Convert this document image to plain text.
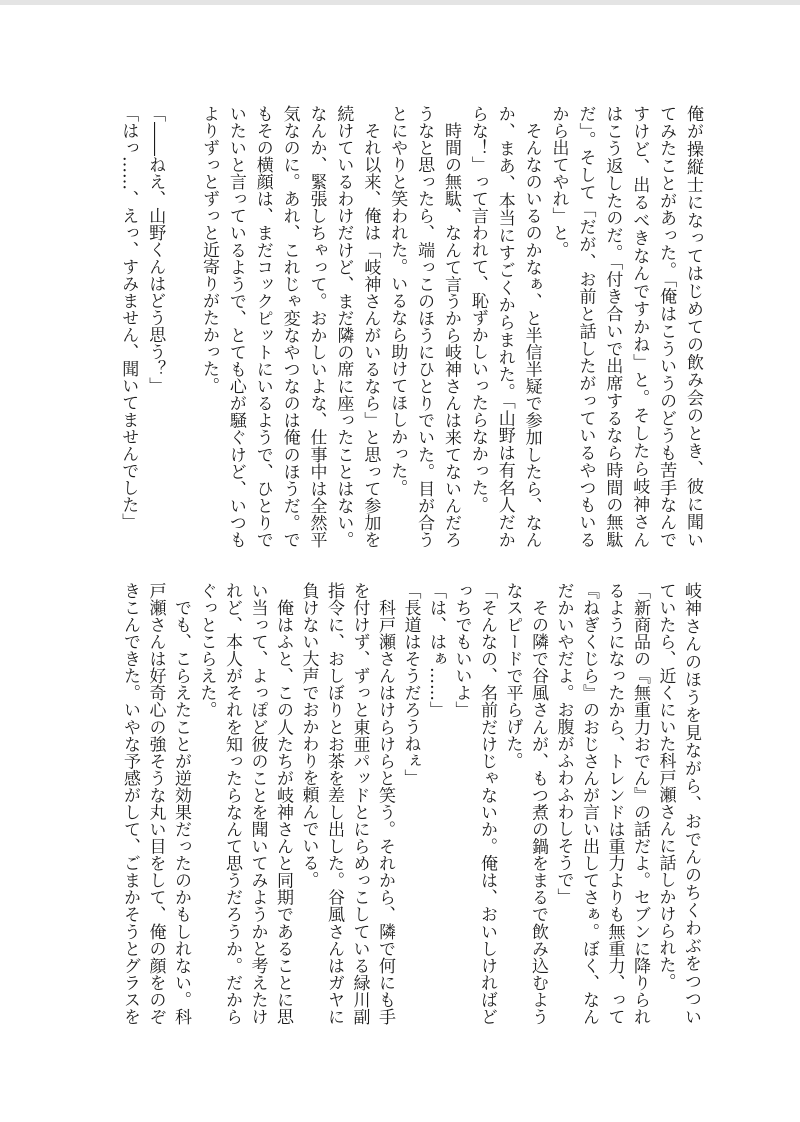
俺が操縦士になってはじめての飲み会のとき、彼に聞い
てみたことがあった。「俺はこういうのどうも苦手なんで
すけど、出るべきなんですかね」と。そしたら岐神さん
はこう返したのだ。「付き合いで出席するなら時間の無駄
だ」。そして「だが、お前と話したがっているやつもいる
から出てやれ」と。
　そんなのいるのかなぁ、と半信半疑で参加したら、なん
か、まあ、本当にすごくからまれた。「山野は有名人だか
らな！」って言われて、恥ずかしいったらなかった。
　時間の無駄、なんて言うから岐神さんは来てないんだろ
うなと思ったら、端っこのほうにひとりでいた。目が合う
とにやりと笑われた。いるなら助けてほしかった。
　それ以来、俺は「岐神さんがいるなら」と思って参加を
続けているわけだけど、まだ隣の席に座ったことはない。
なんか、緊張しちゃって。おかしいよな、仕事中は全然平
気なのに。あれ、これじゃ変なやつなのは俺のほうだ。で
もその横顔は、まだコックピットにいるようで、ひとりで
いたいと言っているようで、とても心が騒ぐけど、いつも
よりずっとずっと近寄りがたかった。
「――ねえ、山野くんはどう思う？」
「はっ……、えっ、すみません、聞いてませんでした」
岐神さんのほうを見ながら、おでんのちくわぶをつつい
ていたら、近くにいた科戸瀬さんに話しかけられた。
「新商品の『無重力おでん』の話だよ。セブンに降りられ
るようになったから、トレンドは重力よりも無重力、って
『ねぎくじら』のおじさんが言い出してさぁ。ぼく、なん
だかいやだよ。お腹がふわふわしそうで」
　その隣で谷風さんが、もつ煮の鍋をまるで飲み込むよう
なスピードで平らげた。
「そんなの、名前だけじゃないか。俺は、おいしければど
っちでもいいよ」
「は、はぁ……」
「長道はそうだろうねぇ」
　科戸瀬さんはけらけらと笑う。それから、隣で何にも手
を付けず、ずっと東亜パッドとにらめっこしている緑川副
指令に、おしぼりとお茶を差し出した。谷風さんはガヤに
負けない大声でおかわりを頼んでいる。
　俺はふと、この人たちが岐神さんと同期であることに思
い当って、よっぽど彼のことを聞いてみようかと考えたけ
れど、本人がそれを知ったらなんて思うだろうか。だから
ぐっとこらえた。
　でも、こらえたことが逆効果だったのかもしれない。科
戸瀬さんは好奇心の強そうな丸い目をして、俺の顔をのぞ
きこんできた。いやな予感がして、ごまかそうとグラスを
